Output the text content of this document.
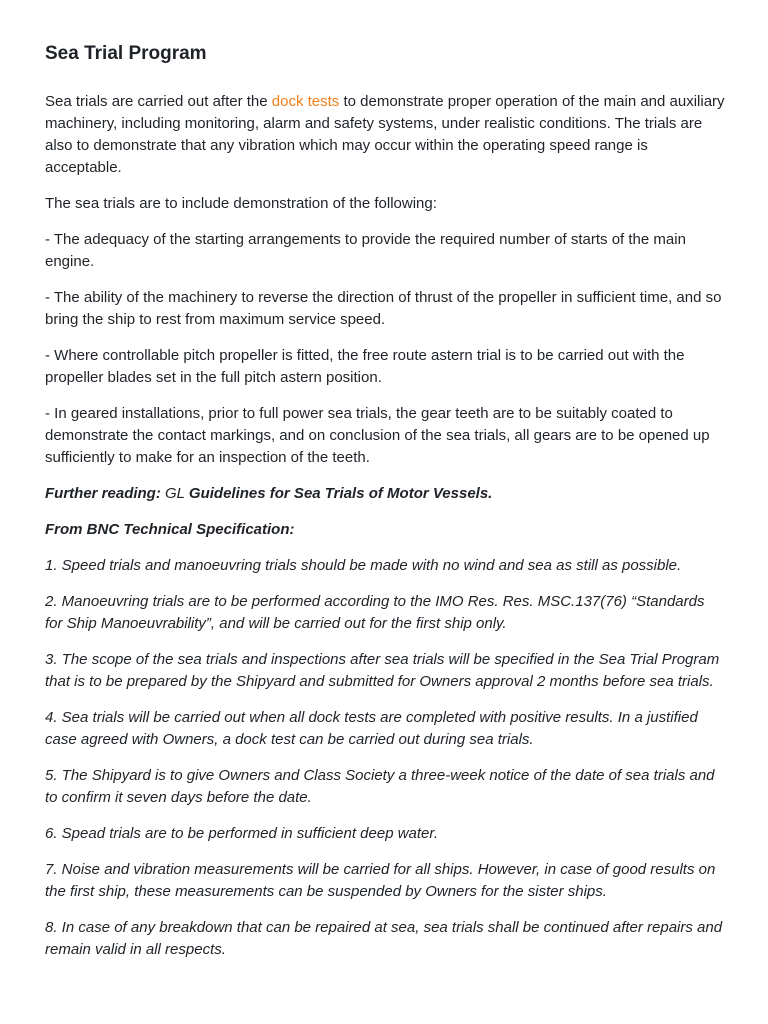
Sea Trial Program

Sea trials are carried out after the dock tests to demonstrate proper operation of the main and auxiliary machinery, including monitoring, alarm and safety systems, under realistic conditions. The trials are also to demonstrate that any vibration which may occur within the operating speed range is acceptable.

The sea trials are to include demonstration of the following:

- The adequacy of the starting arrangements to provide the required number of starts of the main engine.

- The ability of the machinery to reverse the direction of thrust of the propeller in sufficient time, and so bring the ship to rest from maximum service speed.

- Where controllable pitch propeller is fitted, the free route astern trial is to be carried out with the propeller blades set in the full pitch astern position.

- In geared installations, prior to full power sea trials, the gear teeth are to be suitably coated to demonstrate the contact markings, and on conclusion of the sea trials, all gears are to be opened up sufficiently to make for an inspection of the teeth.

Further reading: GL Guidelines for Sea Trials of Motor Vessels.

From BNC Technical Specification:

1. Speed trials and manoeuvring trials should be made with no wind and sea as still as possible.

2. Manoeuvring trials are to be performed according to the IMO Res. Res. MSC.137(76) “Standards for Ship Manoeuvrability”, and will be carried out for the first ship only.

3. The scope of the sea trials and inspections after sea trials will be specified in the Sea Trial Program that is to be prepared by the Shipyard and submitted for Owners approval 2 months before sea trials.

4. Sea trials will be carried out when all dock tests are completed with positive results. In a justified case agreed with Owners, a dock test can be carried out during sea trials.

5. The Shipyard is to give Owners and Class Society a three-week notice of the date of sea trials and to confirm it seven days before the date.

6. Spead trials are to be performed in sufficient deep water.

7. Noise and vibration measurements will be carried for all ships. However, in case of good results on the first ship, these measurements can be suspended by Owners for the sister ships.

8. In case of any breakdown that can be repaired at sea, sea trials shall be continued after repairs and remain valid in all respects.
